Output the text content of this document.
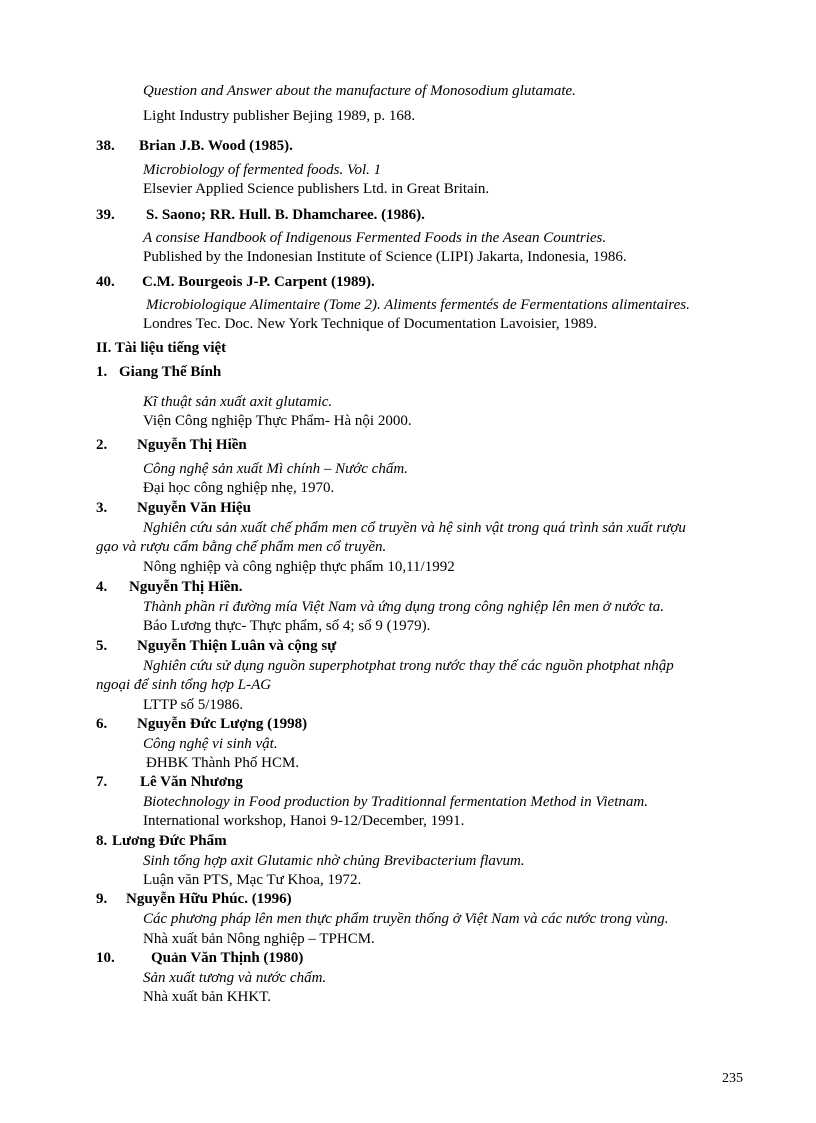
Question and Answer about the manufacture of Monosodium glutamate.
Light Industry publisher Bejing 1989, p. 168.
38. Brian J.B. Wood (1985).
Microbiology of fermented foods. Vol. 1
Elsevier Applied Science publishers Ltd. in Great Britain.
39. S. Saono; RR. Hull. B. Dhamcharee. (1986).
A consise Handbook of Indigenous Fermented Foods in the Asean Countries.
Published by the Indonesian Institute of Science (LIPI) Jakarta, Indonesia, 1986.
40. C.M. Bourgeois J-P. Carpent (1989).
Microbiologique Alimentaire (Tome 2). Aliments fermentés de Fermentations alimentaires.
Londres Tec. Doc. New York Technique of Documentation Lavoisier, 1989.
II. Tài liệu tiếng việt
1. Giang Thế Bính
Kĩ thuật sản xuất axit glutamic.
Viện Công nghiệp Thực Phẩm- Hà nội 2000.
2. Nguyễn Thị Hiền
Công nghệ sản xuất Mì chính – Nước chấm.
Đại học công nghiệp nhẹ, 1970.
3. Nguyễn Văn Hiệu
Nghiên cứu sản xuất chế phẩm men cổ truyền và hệ sinh vật trong quá trình sản xuất rượu
gạo và rượu cẩm bằng chế phẩm men cổ truyền.
Nông nghiệp và công nghiệp thực phẩm 10,11/1992
4. Nguyễn Thị Hiền.
Thành phần rỉ đường mía Việt Nam và ứng dụng trong công nghiệp lên men ở nước ta.
Báo Lương thực- Thực phẩm, số 4; số 9 (1979).
5. Nguyễn Thiện Luân và cộng sự
Nghiên cứu sử dụng nguồn superphotphat trong nước thay thế các nguồn photphat nhập
ngoại để sinh tổng hợp L-AG
LTTP số 5/1986.
6. Nguyễn Đức Lượng (1998)
Công nghệ vi sinh vật.
ĐHBK Thành Phố HCM.
7. Lê Văn Nhương
Biotechnology in Food production by Traditionnal fermentation Method in Vietnam.
International workshop, Hanoi 9-12/December, 1991.
8. Lương Đức Phẩm
Sinh tổng hợp axit Glutamic nhờ chủng Brevibacterium flavum.
Luận văn PTS, Mạc Tư Khoa, 1972.
9. Nguyễn Hữu Phúc. (1996)
Các phương pháp lên men thực phẩm truyền thống ở Việt Nam và các nước trong vùng.
Nhà xuất bản Nông nghiệp – TPHCM.
10. Quản Văn Thịnh (1980)
Sản xuất tương và nước chấm.
Nhà xuất bản KHKT.
235
